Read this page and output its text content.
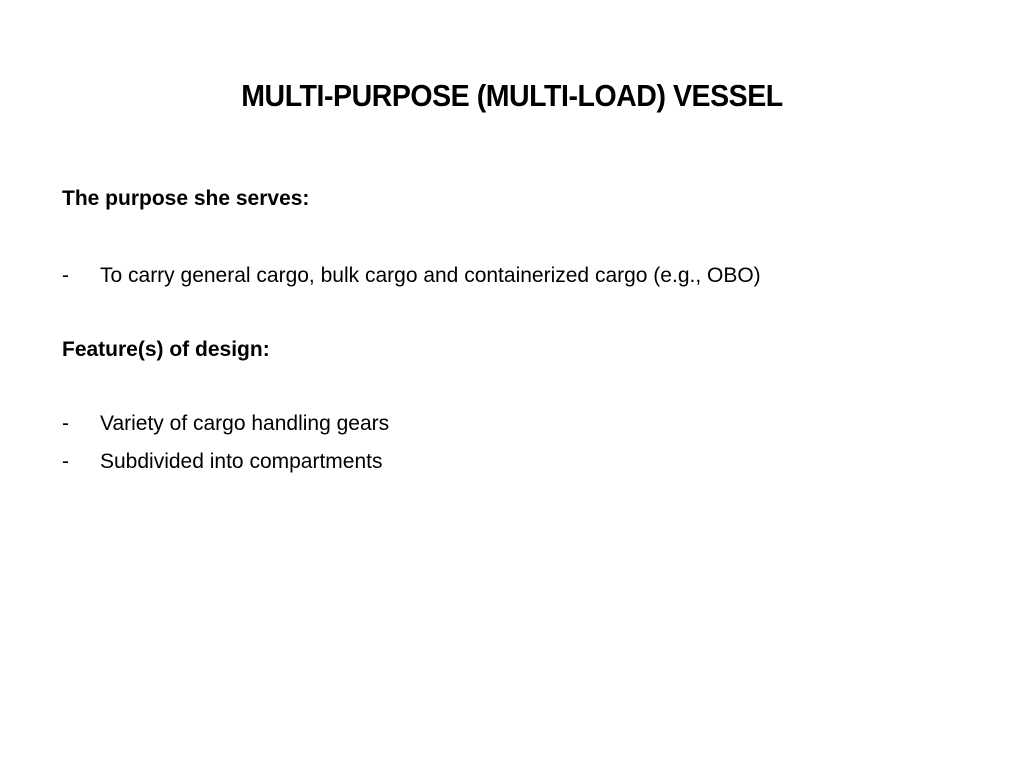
MULTI-PURPOSE (MULTI-LOAD) VESSEL
The purpose she serves:
- To carry general cargo, bulk cargo and containerized cargo (e.g., OBO)
Feature(s) of design:
- Variety of cargo handling gears
- Subdivided into compartments
